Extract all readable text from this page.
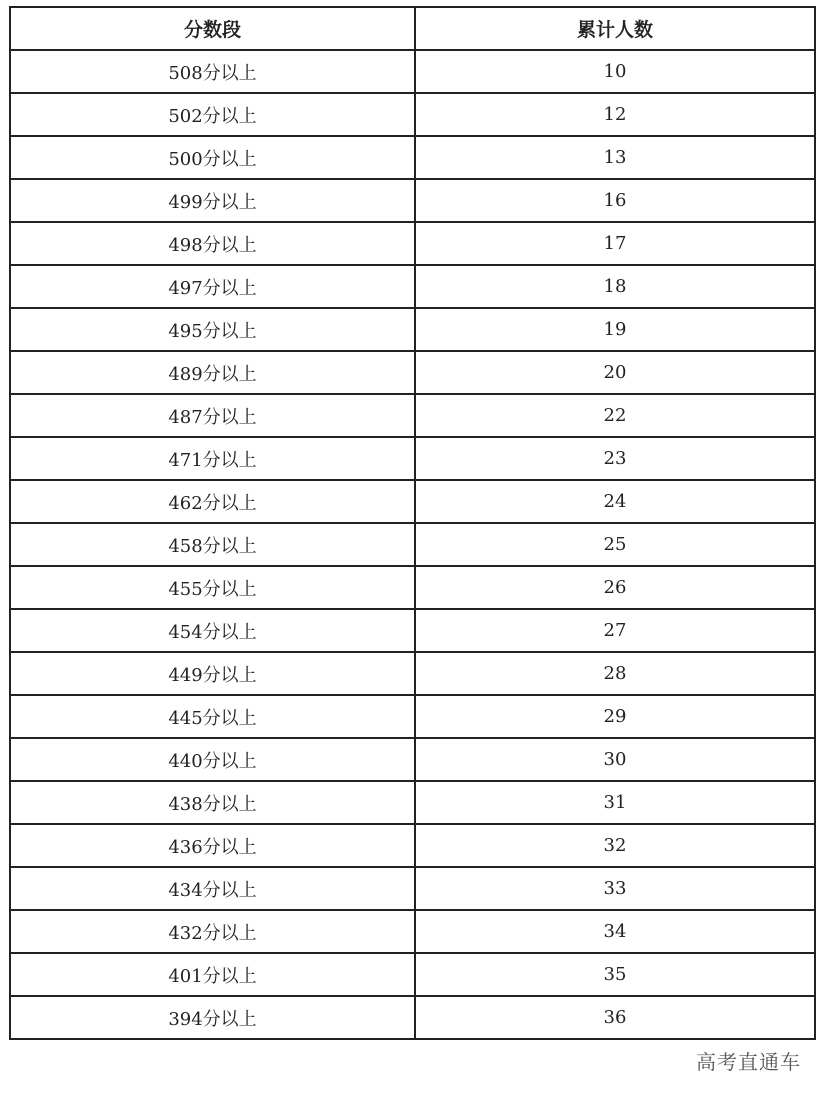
分数段	累计人数
508分以上	10
502分以上	12
500分以上	13
499分以上	16
498分以上	17
497分以上	18
495分以上	19
489分以上	20
487分以上	22
471分以上	23
462分以上	24
458分以上	25
455分以上	26
454分以上	27
449分以上	28
445分以上	29
440分以上	30
438分以上	31
436分以上	32
434分以上	33
432分以上	34
401分以上	35
394分以上	36
高考直通车
